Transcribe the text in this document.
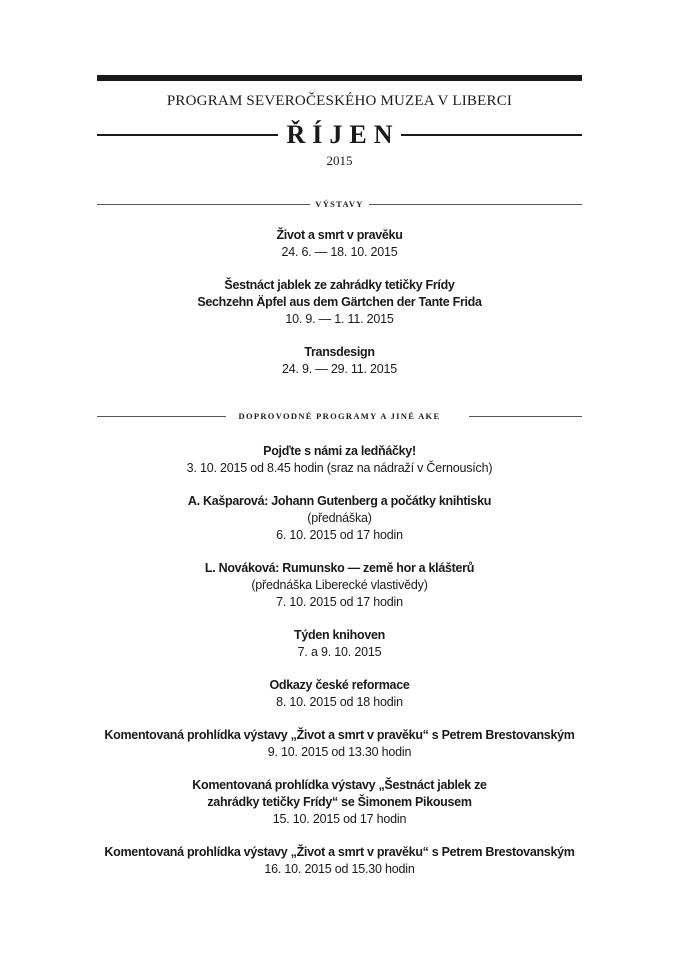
PROGRAM SEVEROČESKÉHO MUZEA V LIBERCI
ŘÍJEN
2015
VÝSTAVY
Život a smrt v pravěku
24. 6. — 18. 10. 2015
Šestnáct jablek ze zahrádky tetičky Frídy
Sechzehn Äpfel aus dem Gärtchen der Tante Frida
10. 9. — 1. 11. 2015
Transdesign
24. 9. — 29. 11. 2015
DOPROVODNÉ PROGRAMY A JINÉ AKE
Pojďte s námi za ledňáčky!
3. 10. 2015 od 8.45 hodin (sraz na nádraží v Černousích)
A. Kašparová: Johann Gutenberg a počátky knihtisku
(přednáška)
6. 10. 2015 od 17 hodin
L. Nováková: Rumunsko — země hor a klášterů
(přednáška Liberecké vlastivědy)
7. 10. 2015 od 17 hodin
Týden knihoven
7. a 9. 10. 2015
Odkazy české reformace
8. 10. 2015 od 18 hodin
Komentovaná prohlídka výstavy „Život a smrt v pravěku“ s Petrem Brestovanským
9. 10. 2015 od 13.30 hodin
Komentovaná prohlídka výstavy „Šestnáct jablek ze
zahrádky tetičky Frídy“ se Šimonem Pikousem
15. 10. 2015 od 17 hodin
Komentovaná prohlídka výstavy „Život a smrt v pravěku“ s Petrem Brestovanským
16. 10. 2015 od 15.30 hodin
